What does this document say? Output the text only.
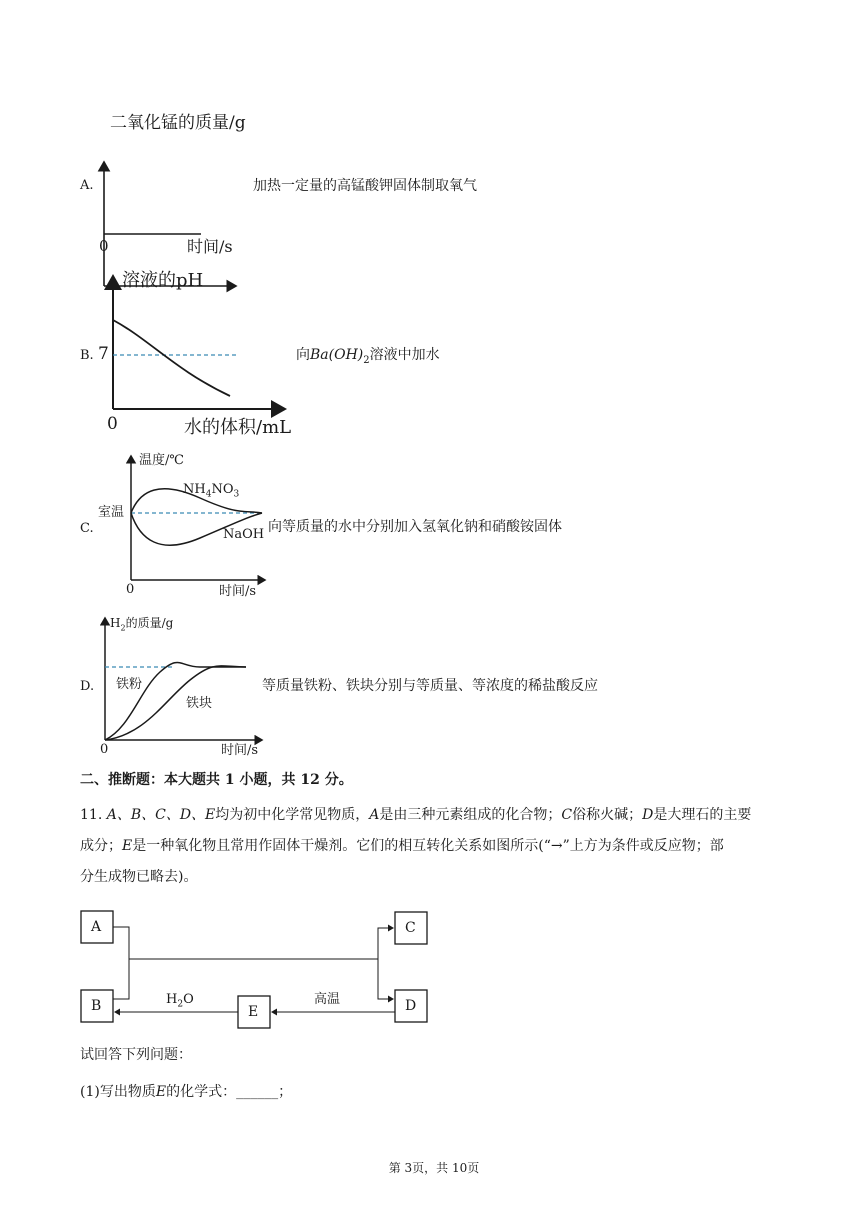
二氧化锰的质量/g
A.
0	时间/s
加热一定量的高锰酸钾固体制取氧气
溶液的pH
B. 7
0	水的体积/mL
向$Ba(OH)_2$溶液中加水
温度/℃
室温
C.
$NH_4NO_3$
NaOH
0	时间/s
向等质量的水中分别加入氢氧化钠和硝酸铵固体
$H_2$的质量/g
D. 铁粉
铁块
0	时间/s
等质量铁粉、铁块分别与等质量、等浓度的稀盐酸反应
二、推断题：本大题共 1 小题，共 12 分。
11. A、B、C、D、E均为初中化学常见物质，A是由三种元素组成的化合物；C俗称火碱；D是大理石的主要
成分；E是一种氧化物且常用作固体干燥剂。它们的相互转化关系如图所示(“→”上方为条件或反应物；部
分生成物已略去)。
A
B
C
D
E
$H_2O$	高温
试回答下列问题：
(1)写出物质E的化学式：______；
第 3页，共 10页
